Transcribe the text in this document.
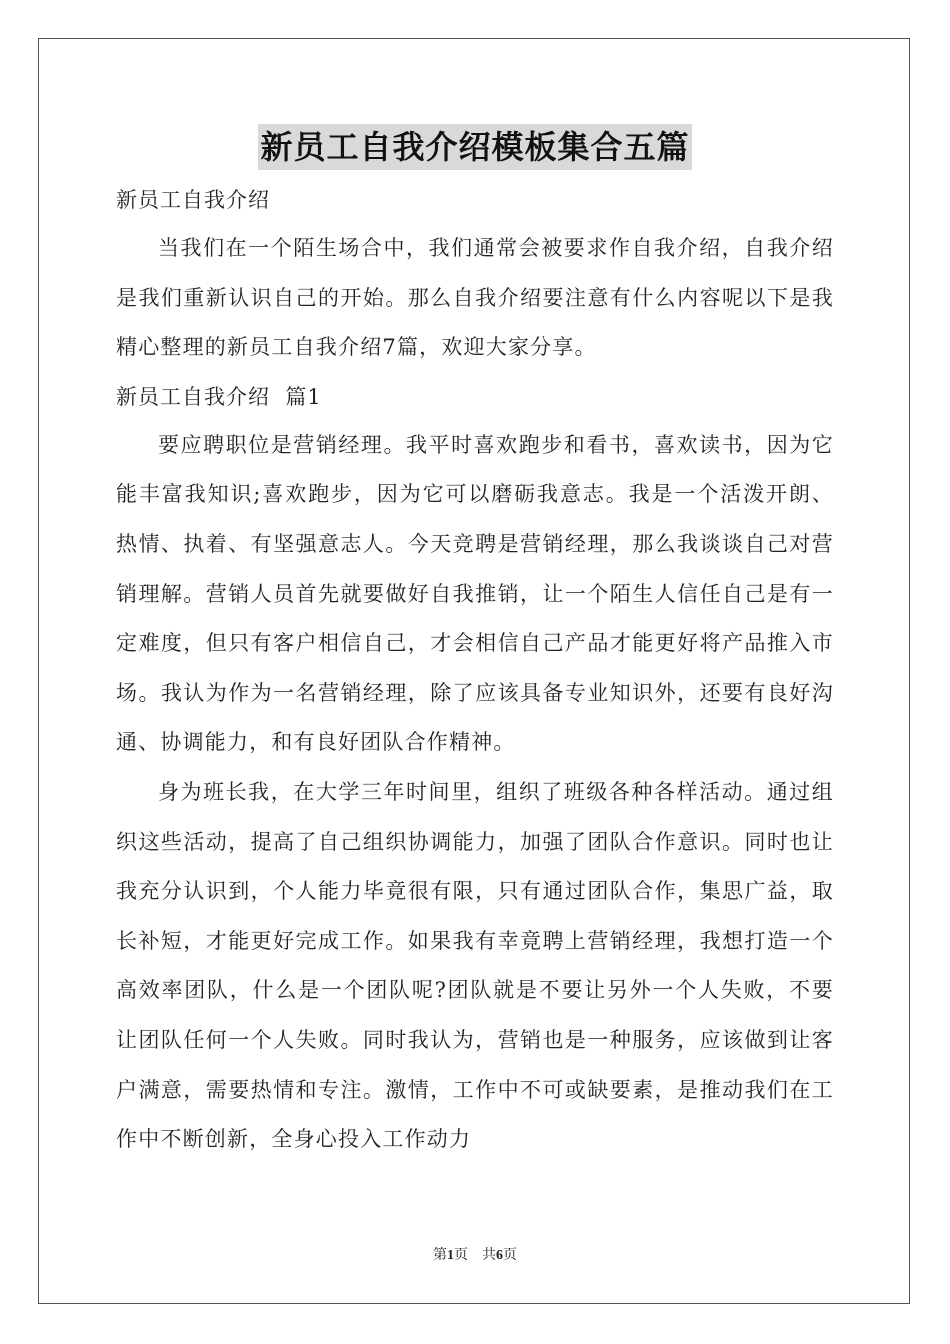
新员工自我介绍模板集合五篇

新员工自我介绍

当我们在一个陌生场合中，我们通常会被要求作自我介绍，自我介绍是我们重新认识自己的开始。那么自我介绍要注意有什么内容呢以下是我精心整理的新员工自我介绍7篇，欢迎大家分享。

新员工自我介绍  篇1

要应聘职位是营销经理。我平时喜欢跑步和看书，喜欢读书，因为它能丰富我知识;喜欢跑步，因为它可以磨砺我意志。我是一个活泼开朗、热情、执着、有坚强意志人。今天竞聘是营销经理，那么我谈谈自己对营销理解。营销人员首先就要做好自我推销，让一个陌生人信任自己是有一定难度，但只有客户相信自己，才会相信自己产品才能更好将产品推入市场。我认为作为一名营销经理，除了应该具备专业知识外，还要有良好沟通、协调能力，和有良好团队合作精神。

身为班长我，在大学三年时间里，组织了班级各种各样活动。通过组织这些活动，提高了自己组织协调能力，加强了团队合作意识。同时也让我充分认识到，个人能力毕竟很有限，只有通过团队合作，集思广益，取长补短，才能更好完成工作。如果我有幸竟聘上营销经理，我想打造一个高效率团队，什么是一个团队呢?团队就是不要让另外一个人失败，不要让团队任何一个人失败。同时我认为，营销也是一种服务，应该做到让客户满意，需要热情和专注。激情，工作中不可或缺要素，是推动我们在工作中不断创新，全身心投入工作动力

第1页　共6页
